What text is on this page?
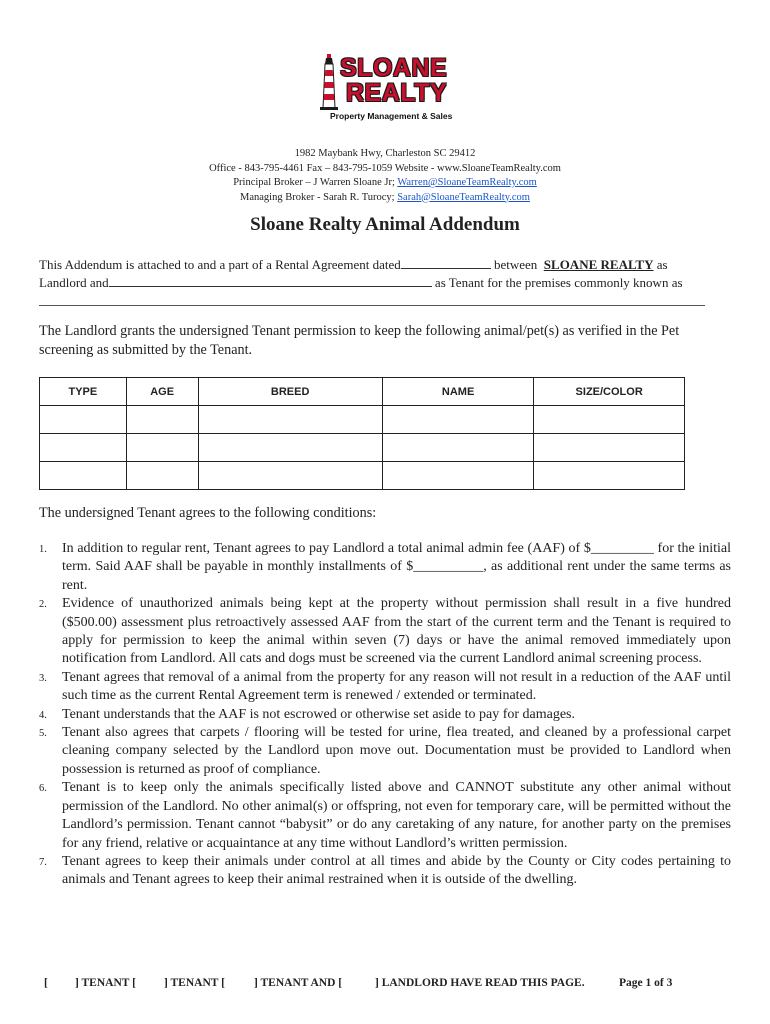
SLOANE
REALTY
Property Management & Sales
1982 Maybank Hwy, Charleston SC 29412
Office - 843-795-4461 Fax – 843-795-1059 Website - www.SloaneTeamRealty.com
Principal Broker – J Warren Sloane Jr; Warren@SloaneTeamRealty.com
Managing Broker - Sarah R. Turocy; Sarah@SloaneTeamRealty.com
Sloane Realty Animal Addendum
This Addendum is attached to and a part of a Rental Agreement dated	between  SLOANE REALTY as
Landlord and	as Tenant for the premises commonly known as
The Landlord grants the undersigned Tenant permission to keep the following animal/pet(s) as verified in the Pet screening as submitted by the Tenant.
TYPE	AGE	BREED	NAME	SIZE/COLOR

The undersigned Tenant agrees to the following conditions:
1. In addition to regular rent, Tenant agrees to pay Landlord a total animal admin fee (AAF) of $_________ for the initial term. Said AAF shall be payable in monthly installments of $__________, as additional rent under the same terms as rent.
2. Evidence of unauthorized animals being kept at the property without permission shall result in a five hundred ($500.00) assessment plus retroactively assessed AAF from the start of the current term and the Tenant is required to apply for permission to keep the animal within seven (7) days or have the animal removed immediately upon notification from Landlord. All cats and dogs must be screened via the current Landlord animal screening process.
3. Tenant agrees that removal of a animal from the property for any reason will not result in a reduction of the AAF until such time as the current Rental Agreement term is renewed / extended or terminated.
4. Tenant understands that the AAF is not escrowed or otherwise set aside to pay for damages.
5. Tenant also agrees that carpets / flooring will be tested for urine, flea treated, and cleaned by a professional carpet cleaning company selected by the Landlord upon move out. Documentation must be provided to Landlord when possession is returned as proof of compliance.
6. Tenant is to keep only the animals specifically listed above and CANNOT substitute any other animal without permission of the Landlord. No other animal(s) or offspring, not even for temporary care, will be permitted without the Landlord’s permission. Tenant cannot “babysit” or do any caretaking of any nature, for another party on the premises for any friend, relative or acquaintance at any time without Landlord’s written permission.
7. Tenant agrees to keep their animals under control at all times and abide by the County or City codes pertaining to animals and Tenant agrees to keep their animal restrained when it is outside of the dwelling.
[ ] TENANT [ ] TENANT [	] TENANT AND [	] LANDLORD HAVE READ THIS PAGE.	Page 1 of 3
